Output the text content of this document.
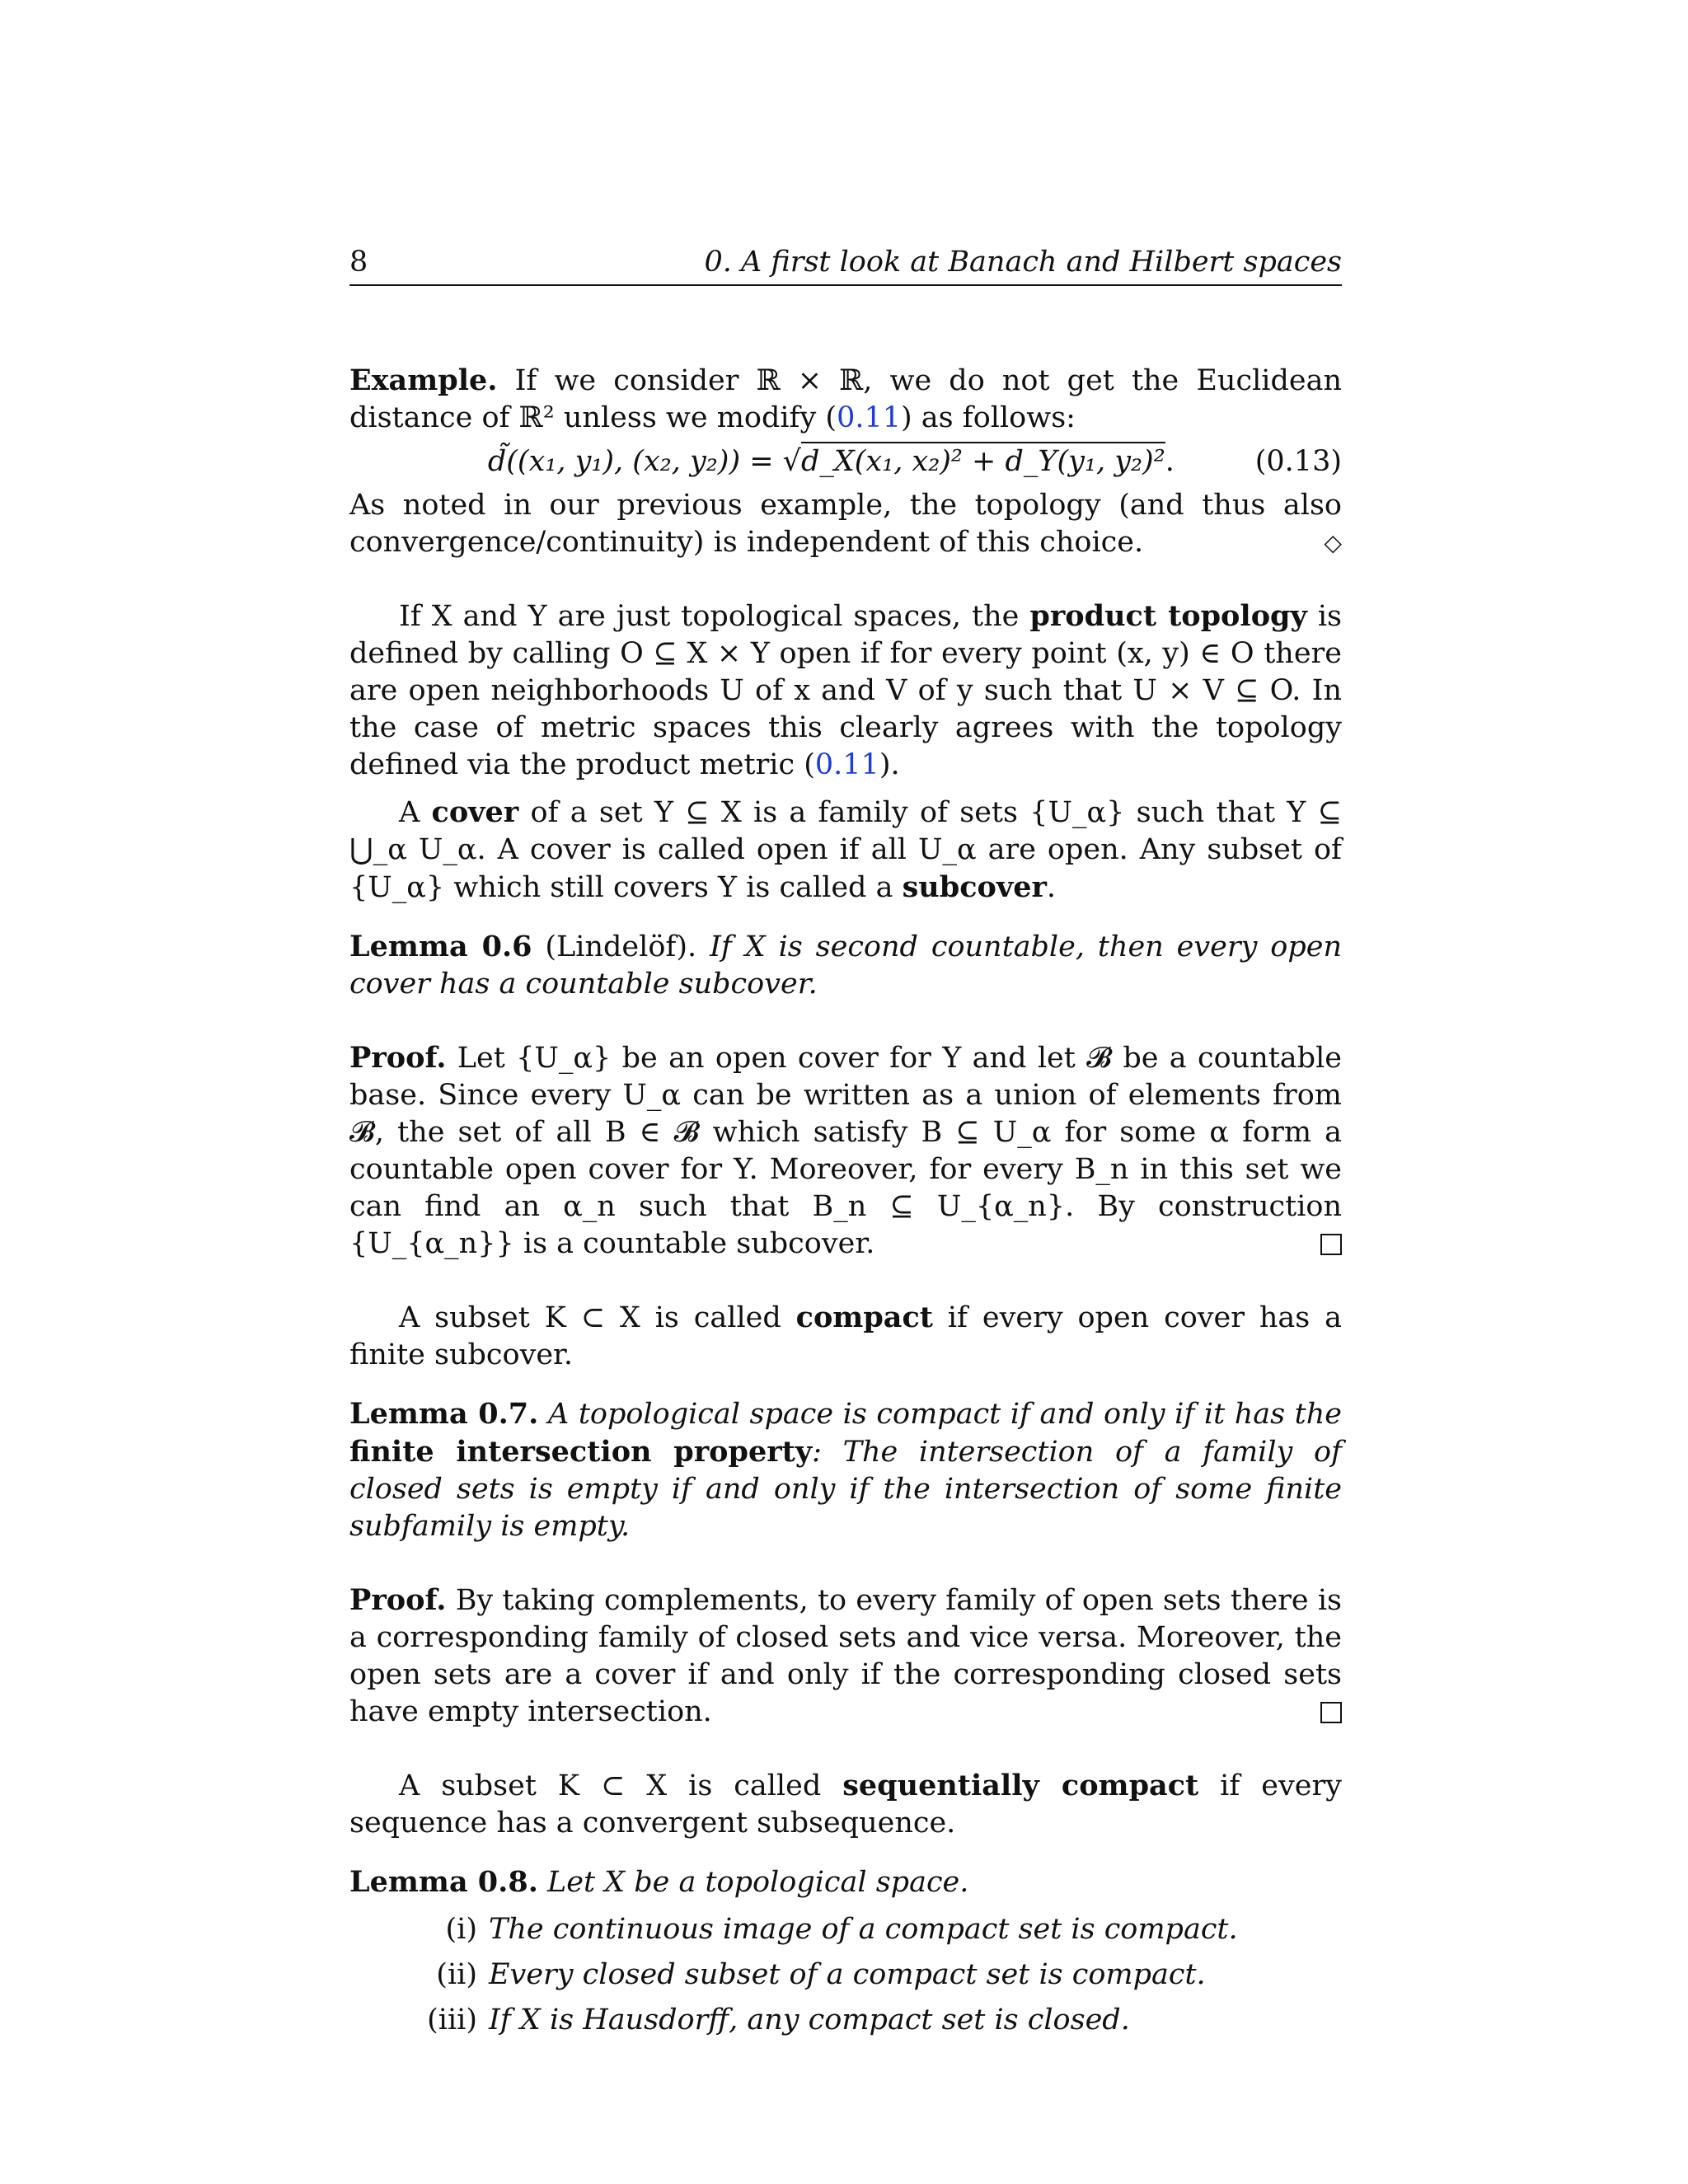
8	0. A first look at Banach and Hilbert spaces

Example. If we consider ℝ × ℝ, we do not get the Euclidean distance of ℝ² unless we modify (0.11) as follows:

d̃((x₁, y₁), (x₂, y₂)) = √d_X(x₁, x₂)² + d_Y(y₁, y₂)².	(0.13)

As noted in our previous example, the topology (and thus also convergence/continuity) is independent of this choice.	◇

If X and Y are just topological spaces, the product topology is defined by calling O ⊆ X × Y open if for every point (x, y) ∈ O there are open neighborhoods U of x and V of y such that U × V ⊆ O. In the case of metric spaces this clearly agrees with the topology defined via the product metric (0.11).

A cover of a set Y ⊆ X is a family of sets {U_α} such that Y ⊆ ⋃_α U_α. A cover is called open if all U_α are open. Any subset of {U_α} which still covers Y is called a subcover.

Lemma 0.6 (Lindelöf). If X is second countable, then every open cover has a countable subcover.

Proof. Let {U_α} be an open cover for Y and let 𝓑 be a countable base. Since every U_α can be written as a union of elements from 𝓑, the set of all B ∈ 𝓑 which satisfy B ⊆ U_α for some α form a countable open cover for Y. Moreover, for every B_n in this set we can find an α_n such that B_n ⊆ U_{α_n}. By construction {U_{α_n}} is a countable subcover.

A subset K ⊂ X is called compact if every open cover has a finite subcover.

Lemma 0.7. A topological space is compact if and only if it has the finite intersection property: The intersection of a family of closed sets is empty if and only if the intersection of some finite subfamily is empty.

Proof. By taking complements, to every family of open sets there is a corresponding family of closed sets and vice versa. Moreover, the open sets are a cover if and only if the corresponding closed sets have empty intersection.

A subset K ⊂ X is called sequentially compact if every sequence has a convergent subsequence.

Lemma 0.8. Let X be a topological space.

(i) The continuous image of a compact set is compact.
(ii) Every closed subset of a compact set is compact.
(iii) If X is Hausdorff, any compact set is closed.
